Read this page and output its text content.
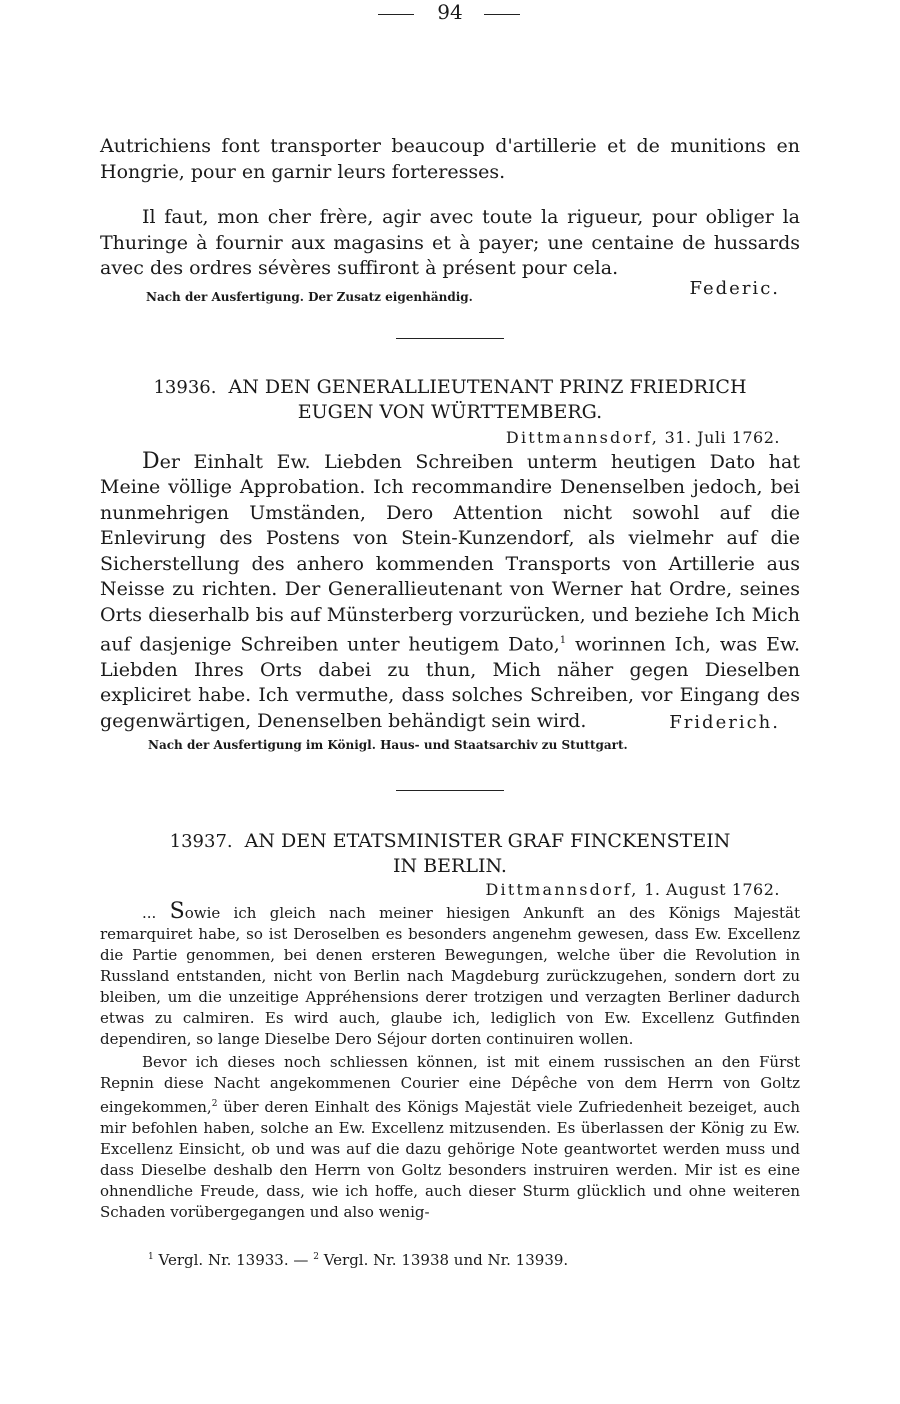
94

Autrichiens font transporter beaucoup d'artillerie et de munitions en Hongrie, pour en garnir leurs forteresses.

Il faut, mon cher frère, agir avec toute la rigueur, pour obliger la Thuringe à fournir aux magasins et à payer; une centaine de hussards avec des ordres sévères suffiront à présent pour cela.

Nach der Ausfertigung. Der Zusatz eigenhändig.	Federic.
13936. AN DEN GENERALLIEUTENANT PRINZ FRIEDRICH
EUGEN VON WÜRTTEMBERG.
Dittmannsdorf, 31. Juli 1762.

Der Einhalt Ew. Liebden Schreiben unterm heutigen Dato hat Meine völlige Approbation. Ich recommandire Denenselben jedoch, bei nunmehrigen Umständen, Dero Attention nicht sowohl auf die Enlevirung des Postens von Stein-Kunzendorf, als vielmehr auf die Sicherstellung des anhero kommenden Transports von Artillerie aus Neisse zu richten. Der Generallieutenant von Werner hat Ordre, seines Orts dieserhalb bis auf Münsterberg vorzurücken, und beziehe Ich Mich auf dasjenige Schreiben unter heutigem Dato,$^1$ worinnen Ich, was Ew. Liebden Ihres Orts dabei zu thun, Mich näher gegen Dieselben expliciret habe. Ich vermuthe, dass solches Schreiben, vor Eingang des gegenwärtigen, Denenselben behändigt sein wird.	Friderich.
Nach der Ausfertigung im Königl. Haus- und Staatsarchiv zu Stuttgart.
13937. AN DEN ETATSMINISTER GRAF FINCKENSTEIN
IN BERLIN.
Dittmannsdorf, 1. August 1762.

... Sowie ich gleich nach meiner hiesigen Ankunft an des Königs Majestät remarquiret habe, so ist Deroselben es besonders angenehm gewesen, dass Ew. Excellenz die Partie genommen, bei denen ersteren Bewegungen, welche über die Revolution in Russland entstanden, nicht von Berlin nach Magdeburg zurückzugehen, sondern dort zu bleiben, um die unzeitige Appréhensions derer trotzigen und verzagten Berliner dadurch etwas zu calmiren. Es wird auch, glaube ich, lediglich von Ew. Excellenz Gutfinden dependiren, so lange Dieselbe Dero Séjour dorten continuiren wollen.

Bevor ich dieses noch schliessen können, ist mit einem russischen an den Fürst Repnin diese Nacht angekommenen Courier eine Dépêche von dem Herrn von Goltz eingekommen,$^2$ über deren Einhalt des Königs Majestät viele Zufriedenheit bezeiget, auch mir befohlen haben, solche an Ew. Excellenz mitzusenden. Es überlassen der König zu Ew. Excellenz Einsicht, ob und was auf die dazu gehörige Note geantwortet werden muss und dass Dieselbe deshalb den Herrn von Goltz besonders instruiren werden. Mir ist es eine ohnendliche Freude, dass, wie ich hoffe, auch dieser Sturm glücklich und ohne weiteren Schaden vorübergegangen und also wenig-

$^1$ Vergl. Nr. 13933. — $^2$ Vergl. Nr. 13938 und Nr. 13939.
